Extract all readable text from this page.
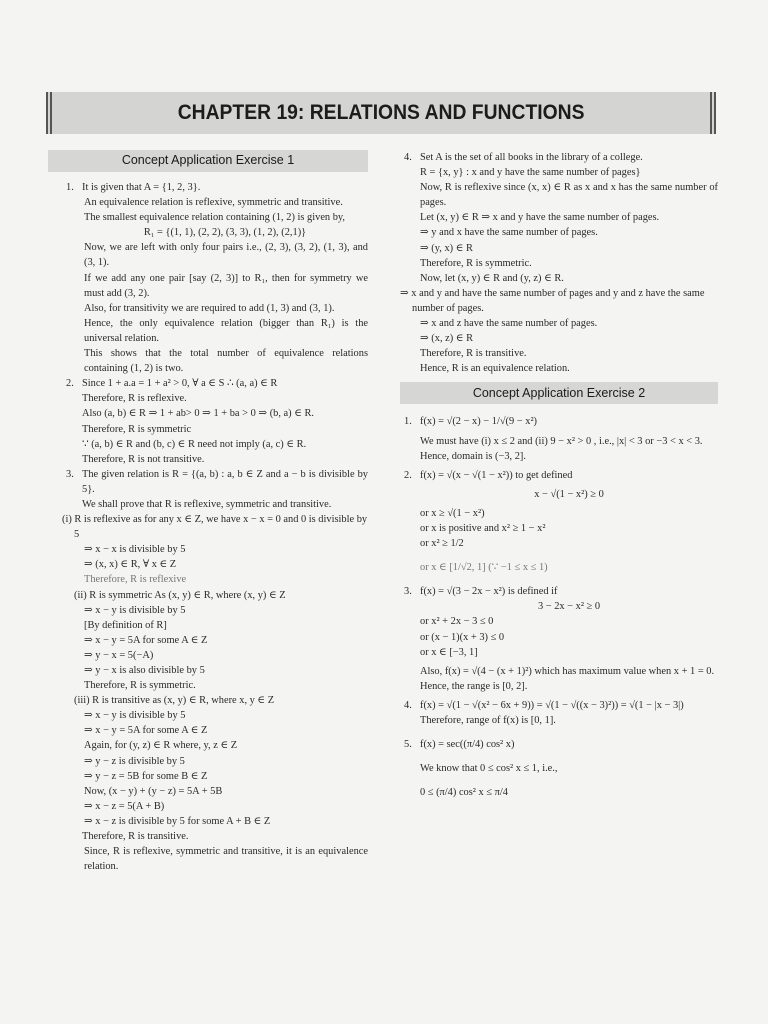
CHAPTER 19: RELATIONS AND FUNCTIONS
Concept Application Exercise 1
1. It is given that A = {1, 2, 3}.
An equivalence relation is reflexive, symmetric and transitive.
The smallest equivalence relation containing (1, 2) is given by,
R₁ = {(1, 1), (2, 2), (3, 3), (1, 2), (2,1)}
Now, we are left with only four pairs i.e., (2, 3), (3, 2), (1, 3), and (3, 1).
If we add any one pair [say (2, 3)] to R₁, then for symmetry we must add (3, 2).
Also, for transitivity we are required to add (1, 3) and (3, 1).
Hence, the only equivalence relation (bigger than R₁) is the universal relation.
This shows that the total number of equivalence relations containing (1, 2) is two.
2. Since 1 + a.a = 1 + a² > 0, ∀ a ∈ S ∴ (a, a) ∈ R
Therefore, R is reflexive.
Also (a, b) ∈ R ⇒ 1 + ab> 0 ⇒ 1 + ba > 0 ⇒ (b, a) ∈ R.
Therefore, R is symmetric
∵ (a, b) ∈ R and (b, c) ∈ R need not imply (a, c) ∈ R.
Therefore, R is not transitive.
3. The given relation is R = {(a, b) : a, b ∈ Z and a − b is divisible by 5}.
We shall prove that R is reflexive, symmetric and transitive.
(i) R is reflexive as for any x ∈ Z, we have x − x = 0 and 0 is divisible by 5
⇒ x − x is divisible by 5
⇒ (x, x) ∈ R, ∀ x ∈ Z
Therefore, R is reflexive
(ii) R is symmetric As (x, y) ∈ R, where (x, y) ∈ Z
⇒ x − y is divisible by 5
[By definition of R]
⇒ x − y = 5A for some A ∈ Z
⇒ y − x = 5(−A)
⇒ y − x is also divisible by 5
Therefore, R is symmetric.
(iii) R is transitive as (x, y) ∈ R, where x, y ∈ Z
⇒ x − y is divisible by 5
⇒ x − y = 5A for some A ∈ Z
Again, for (y, z) ∈ R where, y, z ∈ Z
⇒ y − z is divisible by 5
⇒ y − z = 5B for some B ∈ Z
Now, (x − y) + (y − z) = 5A + 5B
⇒ x − z = 5(A + B)
⇒ x − z is divisible by 5 for some A + B ∈ Z
Therefore, R is transitive.
Since, R is reflexive, symmetric and transitive, it is an equivalence relation.
4. Set A is the set of all books in the library of a college.
R = {x, y} : x and y have the same number of pages}
Now, R is reflexive since (x, x) ∈ R as x and x has the same number of pages.
Let (x, y) ∈ R ⇒ x and y have the same number of pages.
⇒ y and x have the same number of pages.
⇒ (y, x) ∈ R
Therefore, R is symmetric.
Now, let (x, y) ∈ R and (y, z) ∈ R.
⇒ x and y and have the same number of pages and y and z have the same number of pages.
⇒ x and z have the same number of pages.
⇒ (x, z) ∈ R
Therefore, R is transitive.
Hence, R is an equivalence relation.
Concept Application Exercise 2
1. f(x) = √(2 − x) − 1/√(9 − x²)
We must have (i) x ≤ 2 and (ii) 9 − x² > 0 , i.e., |x| < 3 or −3 < x < 3.
Hence, domain is (−3, 2].
2. f(x) = √(x − √(1 − x²)) to get defined
x − √(1 − x²) ≥ 0
or x ≥ √(1 − x²)
or x is positive and x² ≥ 1 − x²
or x² ≥ 1/2
or x ∈ [1/√2, 1] (∵ −1 ≤ x ≤ 1)
3. f(x) = √(3 − 2x − x²) is defined if
3 − 2x − x² ≥ 0
or x² + 2x − 3 ≤ 0
or (x − 1)(x + 3) ≤ 0
or x ∈ [−3, 1]
Also, f(x) = √(4 − (x + 1)²) which has maximum value when x + 1 = 0.
Hence, the range is [0, 2].
4. f(x) = √(1 − √(x² − 6x + 9)) = √(1 − √((x − 3)²)) = √(1 − |x − 3|)
Therefore, range of f(x) is [0, 1].
5. f(x) = sec((π/4) cos² x)
We know that 0 ≤ cos² x ≤ 1, i.e.,
0 ≤ (π/4) cos² x ≤ π/4
